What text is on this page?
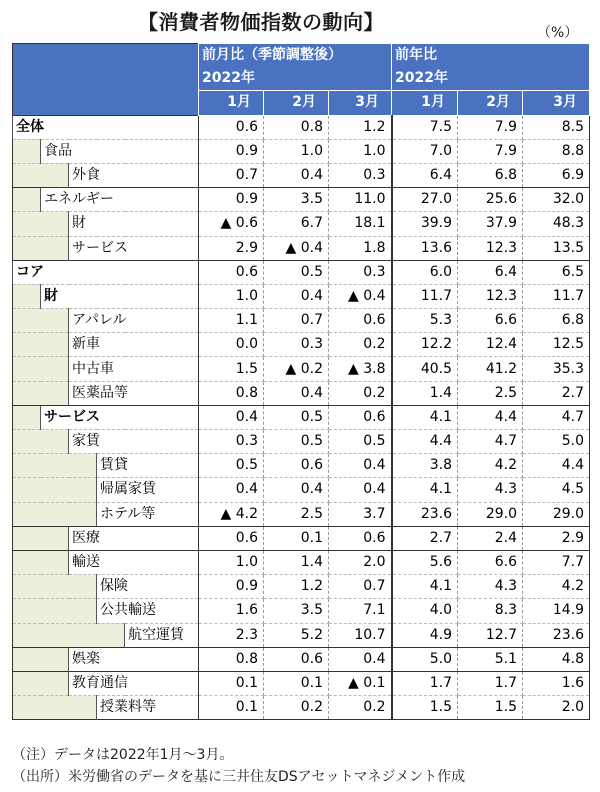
【消費者物価指数の動向】	（%）
					前月比（季節調整後）			前年比		
					2022年			2022年		
					1月	2月	3月	1月	2月	3月
全体					0.6	0.8	1.2	7.5	7.9	8.5
	食品				0.9	1.0	1.0	7.0	7.9	8.8
		外食			0.7	0.4	0.3	6.4	6.8	6.9
	エネルギー				0.9	3.5	11.0	27.0	25.6	32.0
		財			▲ 0.6	6.7	18.1	39.9	37.9	48.3
		サービス			2.9	▲ 0.4	1.8	13.6	12.3	13.5
コア					0.6	0.5	0.3	6.0	6.4	6.5
	財				1.0	0.4	▲ 0.4	11.7	12.3	11.7
		アパレル			1.1	0.7	0.6	5.3	6.6	6.8
		新車			0.0	0.3	0.2	12.2	12.4	12.5
		中古車			1.5	▲ 0.2	▲ 3.8	40.5	41.2	35.3
		医薬品等			0.8	0.4	0.2	1.4	2.5	2.7
	サービス				0.4	0.5	0.6	4.1	4.4	4.7
		家賃			0.3	0.5	0.5	4.4	4.7	5.0
			賃貸		0.5	0.6	0.4	3.8	4.2	4.4
			帰属家賃		0.4	0.4	0.4	4.1	4.3	4.5
			ホテル等		▲ 4.2	2.5	3.7	23.6	29.0	29.0
		医療			0.6	0.1	0.6	2.7	2.4	2.9
		輸送			1.0	1.4	2.0	5.6	6.6	7.7
			保険		0.9	1.2	0.7	4.1	4.3	4.2
			公共輸送		1.6	3.5	7.1	4.0	8.3	14.9
				航空運賃	2.3	5.2	10.7	4.9	12.7	23.6
		娯楽			0.8	0.6	0.4	5.0	5.1	4.8
		教育通信			0.1	0.1	▲ 0.1	1.7	1.7	1.6
			授業料等		0.1	0.2	0.2	1.5	1.5	2.0
（注）データは2022年1月～3月。
（出所）米労働省のデータを基に三井住友DSアセットマネジメント作成
